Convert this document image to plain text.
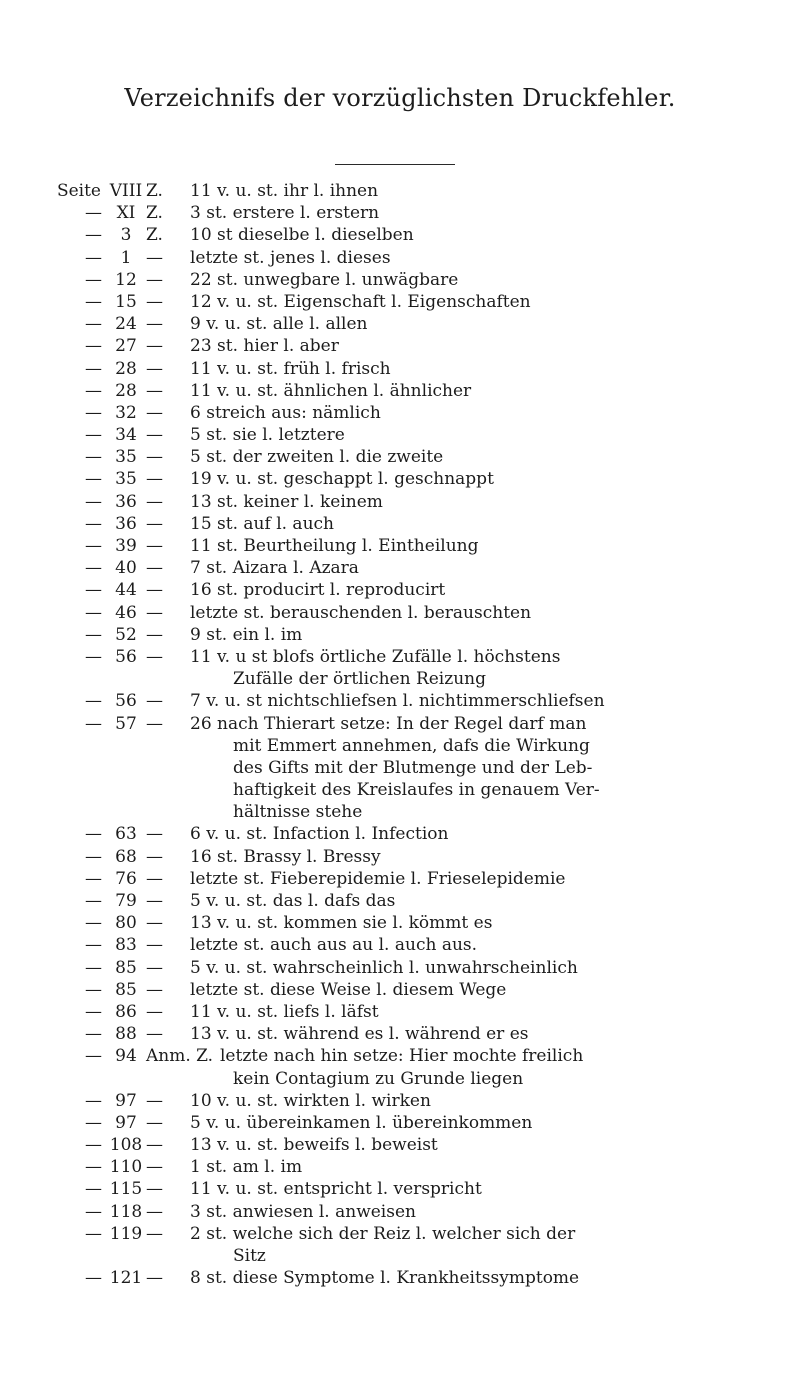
Verzeichnifs der vorzüglichsten Druckfehler.
Seite VIII Z. 11 v. u. st. ihr l. ihnen
— XI Z. 3 st. erstere l. erstern
—	3 Z. 10 st dieselbe l. dieselben
—	1 — letzte st. jenes l. dieses
— 12 — 22 st. unwegbare l. unwägbare
— 15 — 12 v. u. st. Eigenschaft l. Eigenschaften
— 24 — 9 v. u. st. alle l. allen
— 27 — 23 st. hier l. aber
— 28 — 11 v. u. st. früh l. frisch
— 28 — 11 v. u. st. ähnlichen l. ähnlicher
— 32 — 6 streich aus: nämlich
— 34 — 5 st. sie l. letztere
— 35 — 5 st. der zweiten l. die zweite
— 35 — 19 v. u. st. geschappt l. geschnappt
— 36 — 13 st. keiner l. keinem
— 36 — 15 st. auf l. auch
— 39 — 11 st. Beurtheilung l. Eintheilung
— 40 — 7 st. Aizara l. Azara
— 44 — 16 st. producirt l. reproducirt
— 46 — letzte st. berauschenden l. berauschten
— 52 — 9 st. ein l. im
— 56 — 11 v. u st blofs örtliche Zufälle l. höchstens
Zufälle der örtlichen Reizung
— 56 — 7 v. u. st nichtschliefsen l. nichtimmerschliefsen
— 57 — 26 nach Thierart setze: In der Regel darf man
mit Emmert annehmen, dafs die Wirkung
des Gifts mit der Blutmenge und der Leb-
haftigkeit des Kreislaufes in genauem Ver-
hältnisse stehe
— 63 — 6 v. u. st. Infaction l. Infection
— 68 — 16 st. Brassy l. Bressy
— 76 — letzte st. Fieberepidemie l. Frieselepidemie
— 79 — 5 v. u. st. das l. dafs das
— 80 — 13 v. u. st. kommen sie l. kömmt es
— 83 — letzte st. auch aus au l. auch aus.
— 85 — 5 v. u. st. wahrscheinlich l. unwahrscheinlich
— 85 — letzte st. diese Weise l. diesem Wege
— 86 — 11 v. u. st. liefs l. läfst
— 88 — 13 v. u. st. während es l. während er es
— 94 Anm. Z. letzte nach hin setze: Hier mochte freilich
kein Contagium zu Grunde liegen
— 97 — 10 v. u. st. wirkten l. wirken
— 97 — 5 v. u. übereinkamen l. übereinkommen
— 108 — 13 v. u. st. beweifs l. beweist
— 110 — 1 st. am l. im
— 115 — 11 v. u. st. entspricht l. verspricht
— 118 — 3 st. anwiesen l. anweisen
— 119 — 2 st. welche sich der Reiz l. welcher sich der
Sitz
— 121 — 8 st. diese Symptome l. Krankheitssymptome
